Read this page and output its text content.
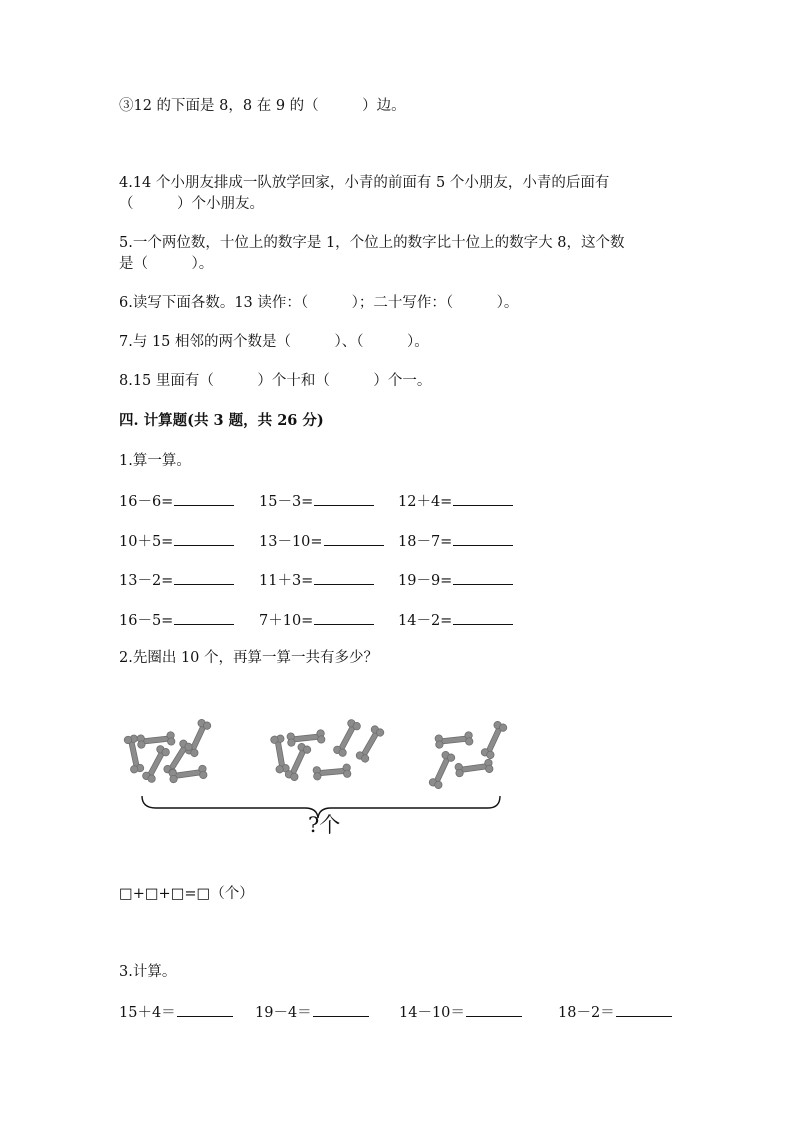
③12 的下面是 8，8 在 9 的（　　　）边。
4.14 个小朋友排成一队放学回家，小青的前面有 5 个小朋友，小青的后面有
（　　　）个小朋友。
5.一个两位数，十位上的数字是 1，个位上的数字比十位上的数字大 8，这个数
是（　　　）。
6.读写下面各数。13 读作：（　　　）；二十写作：（　　　）。
7.与 15 相邻的两个数是（　　　）、（　　　）。
8.15 里面有（　　　）个十和（　　　）个一。
四. 计算题(共 3 题，共 26 分)
1.算一算。
16－6=	15－3=	12＋4=
10＋5=	13－10=	18－7=
13－2=	11＋3=	19－9=
16－5=	7＋10=	14－2=
2.先圈出 10 个，再算一算一共有多少？
?个
□+□+□=□（个）
3.计算。
15＋4＝	19－4＝	14－10＝	18－2＝
